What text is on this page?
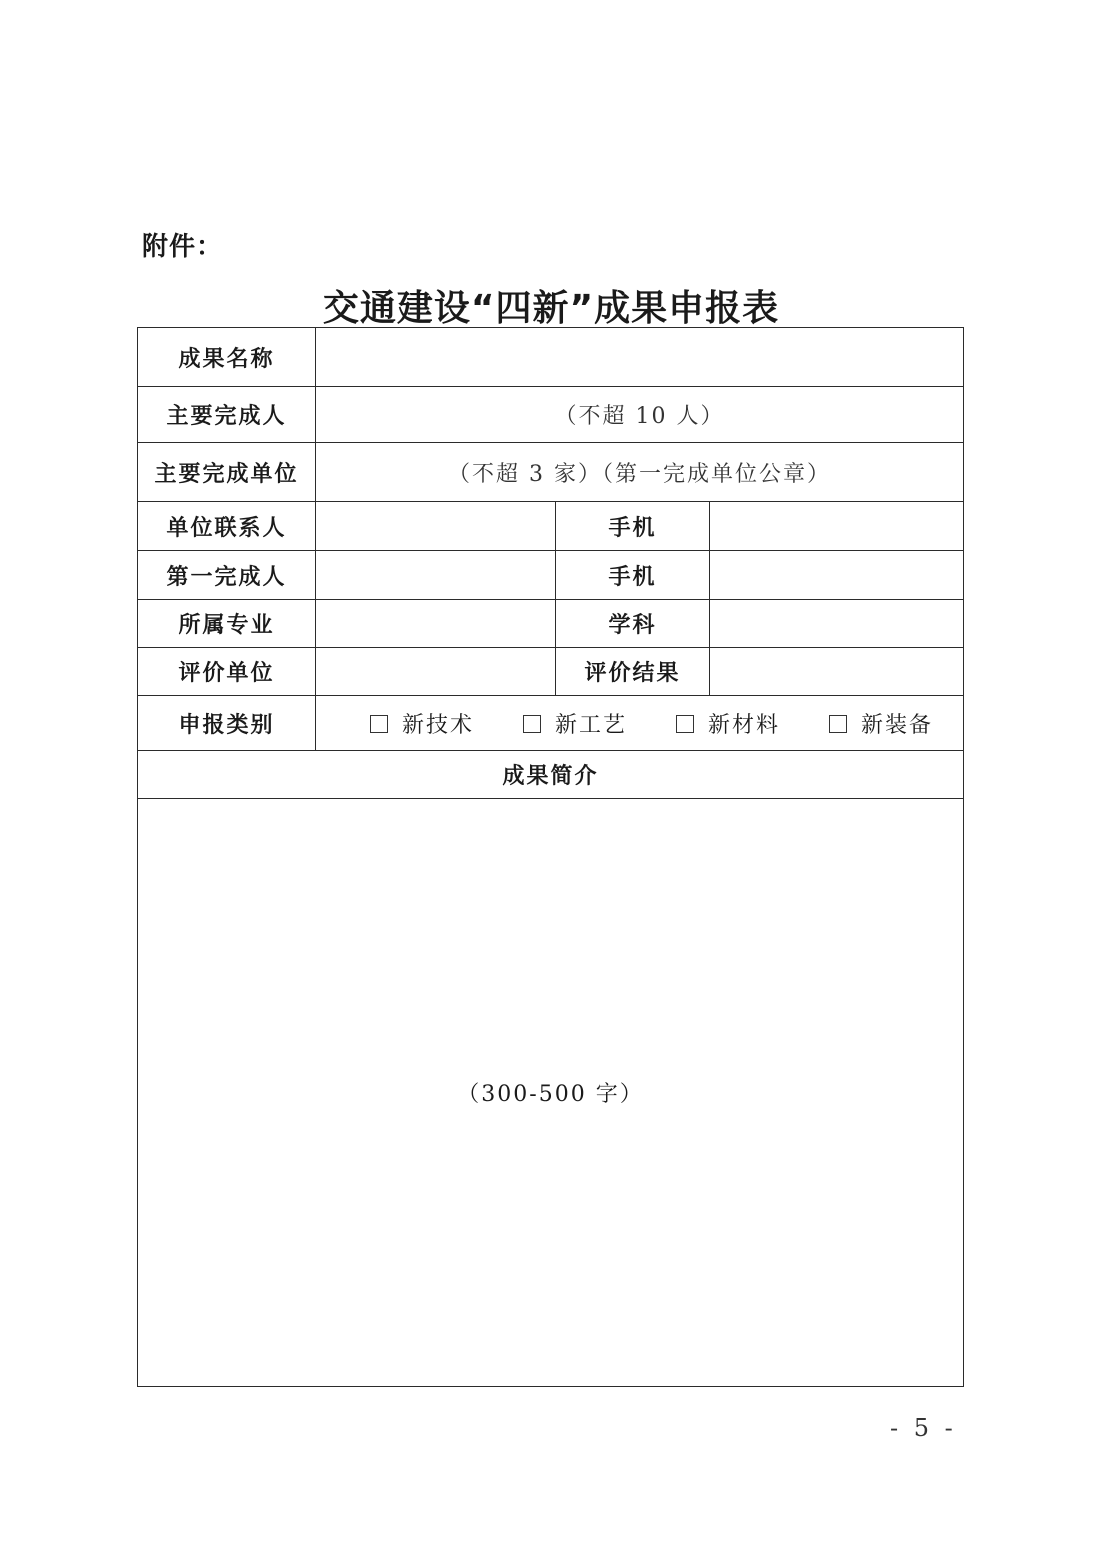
附件：
交通建设“四新”成果申报表
成果名称			
主要完成人	（不超 10 人）		
主要完成单位	（不超 3 家）（第一完成单位公章）		
单位联系人		手机	
第一完成人		手机	
所属专业		学科	
评价单位		评价结果	
申报类别	新技术 新工艺 新材料 新装备		
成果简介			
（300-500 字）			
- 5 -
